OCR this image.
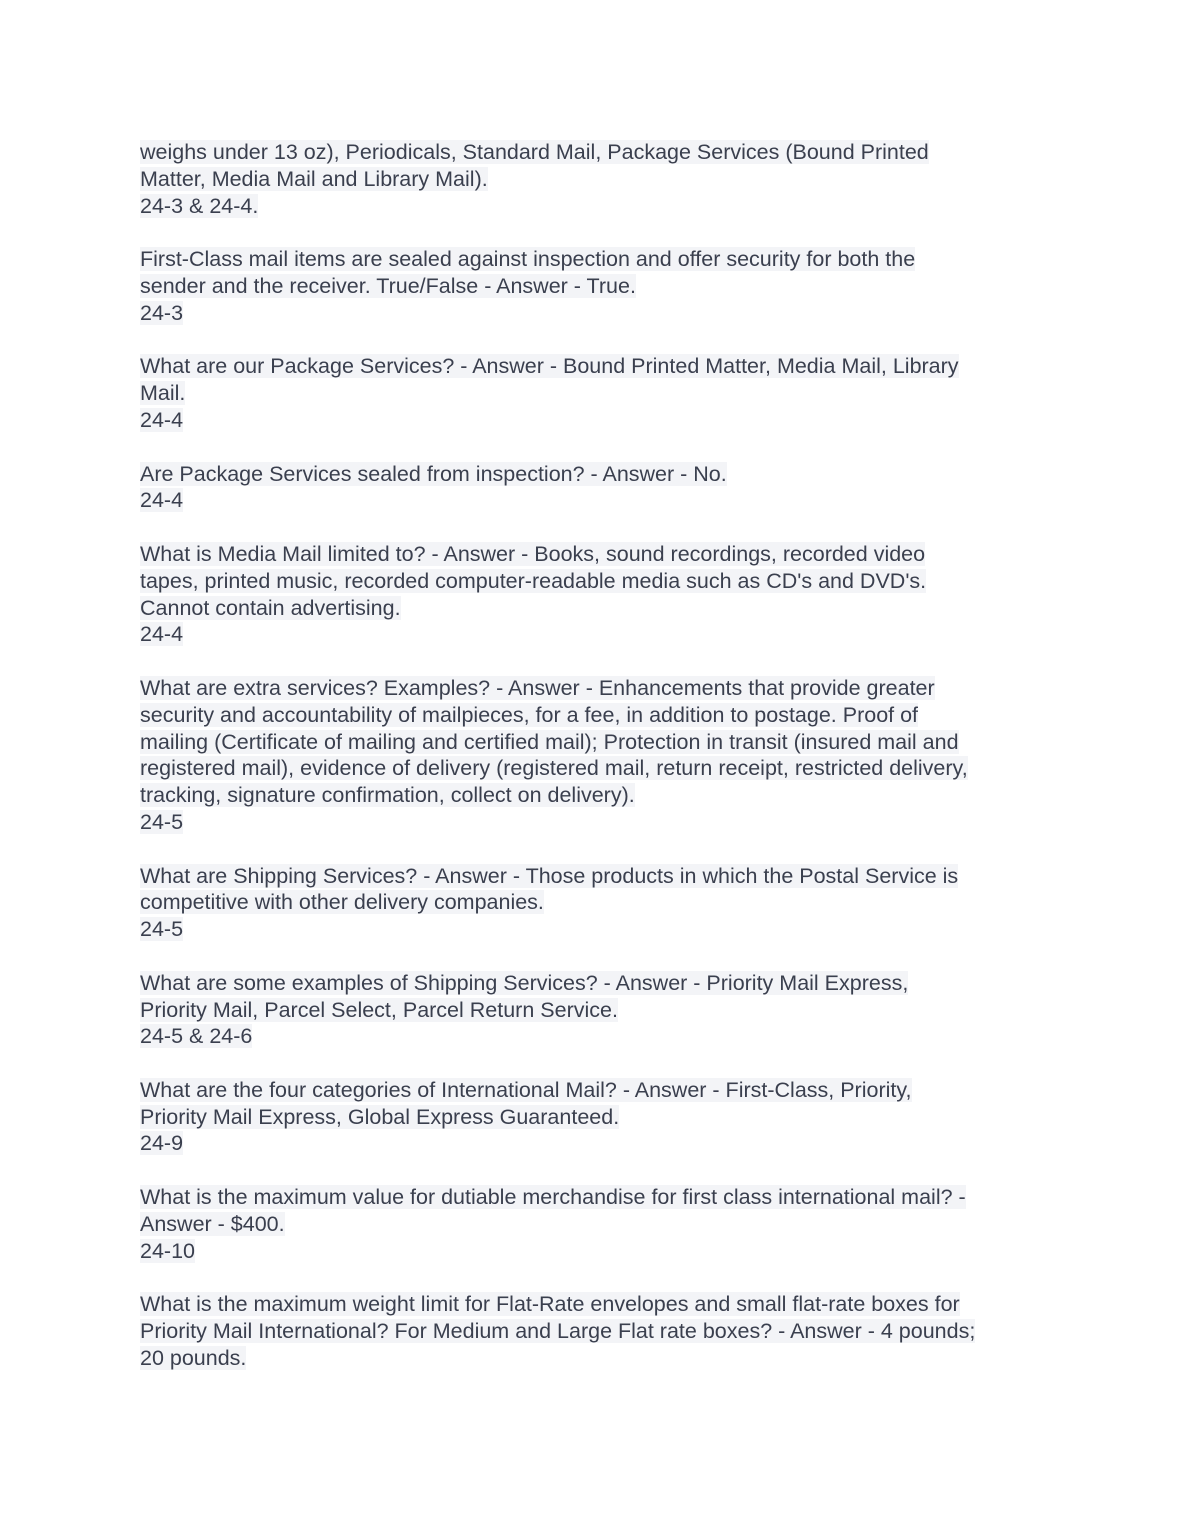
weighs under 13 oz), Periodicals, Standard Mail, Package Services (Bound Printed
Matter, Media Mail and Library Mail).
24-3 & 24-4.
First-Class mail items are sealed against inspection and offer security for both the
sender and the receiver. True/False - Answer - True.
24-3
What are our Package Services? - Answer - Bound Printed Matter, Media Mail, Library
Mail.
24-4
Are Package Services sealed from inspection? - Answer - No.
24-4
What is Media Mail limited to? - Answer - Books, sound recordings, recorded video
tapes, printed music, recorded computer-readable media such as CD's and DVD's.
Cannot contain advertising.
24-4
What are extra services? Examples? - Answer - Enhancements that provide greater
security and accountability of mailpieces, for a fee, in addition to postage. Proof of
mailing (Certificate of mailing and certified mail); Protection in transit (insured mail and
registered mail), evidence of delivery (registered mail, return receipt, restricted delivery,
tracking, signature confirmation, collect on delivery).
24-5
What are Shipping Services? - Answer - Those products in which the Postal Service is
competitive with other delivery companies.
24-5
What are some examples of Shipping Services? - Answer - Priority Mail Express,
Priority Mail, Parcel Select, Parcel Return Service.
24-5 & 24-6
What are the four categories of International Mail? - Answer - First-Class, Priority,
Priority Mail Express, Global Express Guaranteed.
24-9
What is the maximum value for dutiable merchandise for first class international mail? -
Answer - $400.
24-10
What is the maximum weight limit for Flat-Rate envelopes and small flat-rate boxes for
Priority Mail International? For Medium and Large Flat rate boxes? - Answer - 4 pounds;
20 pounds.
